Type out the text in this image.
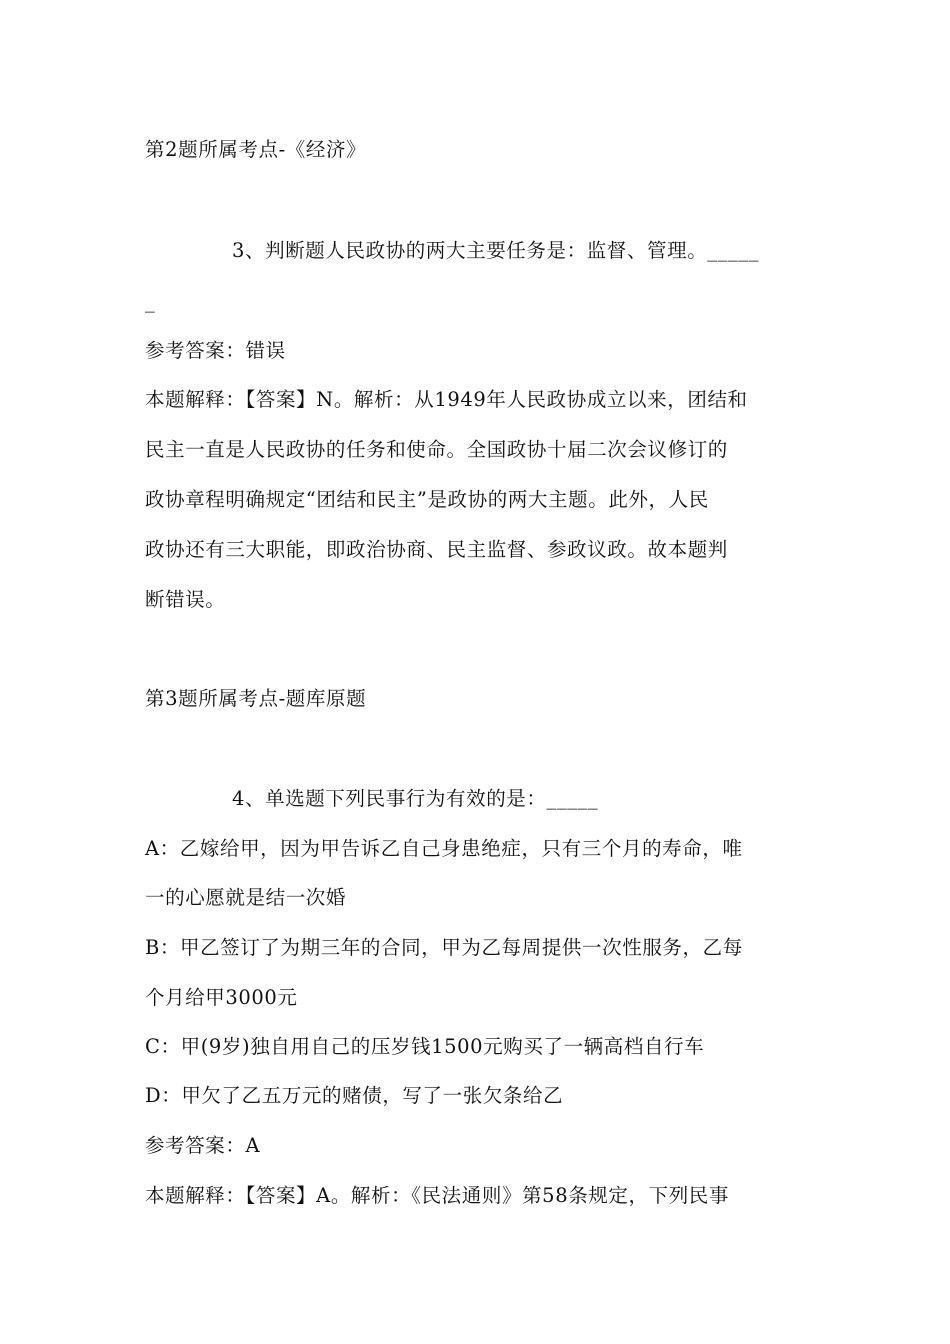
第2题所属考点-《经济》
3、判断题人民政协的两大主要任务是：监督、管理。_____
_
参考答案：错误
本题解释：【答案】N。解析：从1949年人民政协成立以来，团结和
民主一直是人民政协的任务和使命。全国政协十届二次会议修订的
政协章程明确规定“团结和民主”是政协的两大主题。此外，人民
政协还有三大职能，即政治协商、民主监督、参政议政。故本题判
断错误。
第3题所属考点-题库原题
4、单选题下列民事行为有效的是：_____
A：乙嫁给甲，因为甲告诉乙自己身患绝症，只有三个月的寿命，唯
一的心愿就是结一次婚
B：甲乙签订了为期三年的合同，甲为乙每周提供一次性服务，乙每
个月给甲3000元
C：甲(9岁)独自用自己的压岁钱1500元购买了一辆高档自行车
D：甲欠了乙五万元的赌债，写了一张欠条给乙
参考答案：A
本题解释：【答案】A。解析：《民法通则》第58条规定，下列民事
